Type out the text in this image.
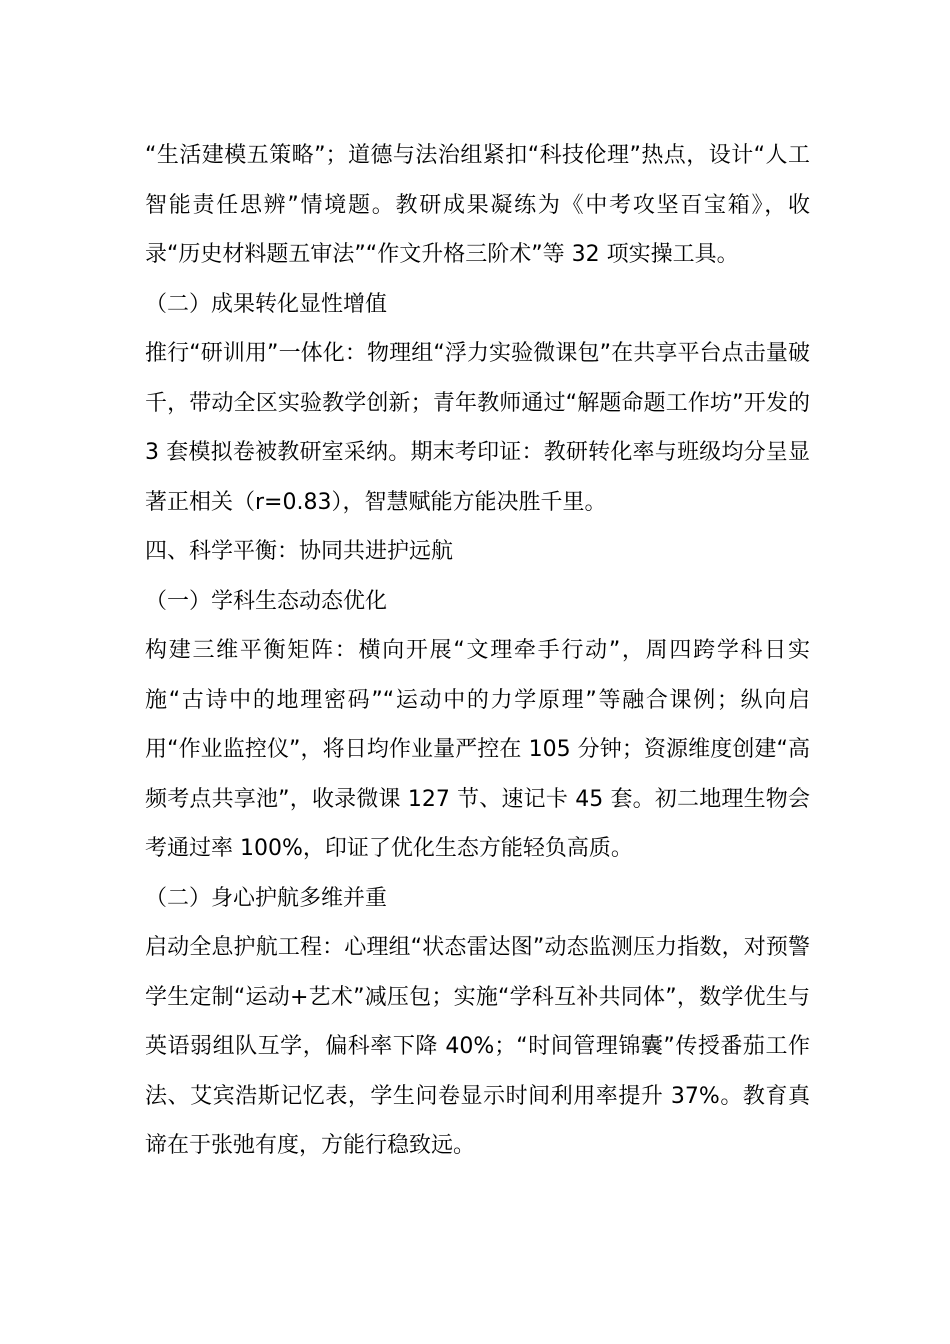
“生活建模五策略”；道德与法治组紧扣“科技伦理”热点，设计“人工智能责任思辨”情境题。教研成果凝练为《中考攻坚百宝箱》，收录“历史材料题五审法”“作文升格三阶术”等 32 项实操工具。

（二）成果转化显性增值

推行“研训用”一体化：物理组“浮力实验微课包”在共享平台点击量破千，带动全区实验教学创新；青年教师通过“解题命题工作坊”开发的 3 套模拟卷被教研室采纳。期末考印证：教研转化率与班级均分呈显著正相关（r=0.83），智慧赋能方能决胜千里。

四、科学平衡：协同共进护远航

（一）学科生态动态优化

构建三维平衡矩阵：横向开展“文理牵手行动”，周四跨学科日实施“古诗中的地理密码”“运动中的力学原理”等融合课例；纵向启用“作业监控仪”，将日均作业量严控在 105 分钟；资源维度创建“高频考点共享池”，收录微课 127 节、速记卡 45 套。初二地理生物会考通过率 100%，印证了优化生态方能轻负高质。

（二）身心护航多维并重

启动全息护航工程：心理组“状态雷达图”动态监测压力指数，对预警学生定制“运动+艺术”减压包；实施“学科互补共同体”，数学优生与英语弱组队互学，偏科率下降 40%；“时间管理锦囊”传授番茄工作法、艾宾浩斯记忆表，学生问卷显示时间利用率提升 37%。教育真谛在于张弛有度，方能行稳致远。
